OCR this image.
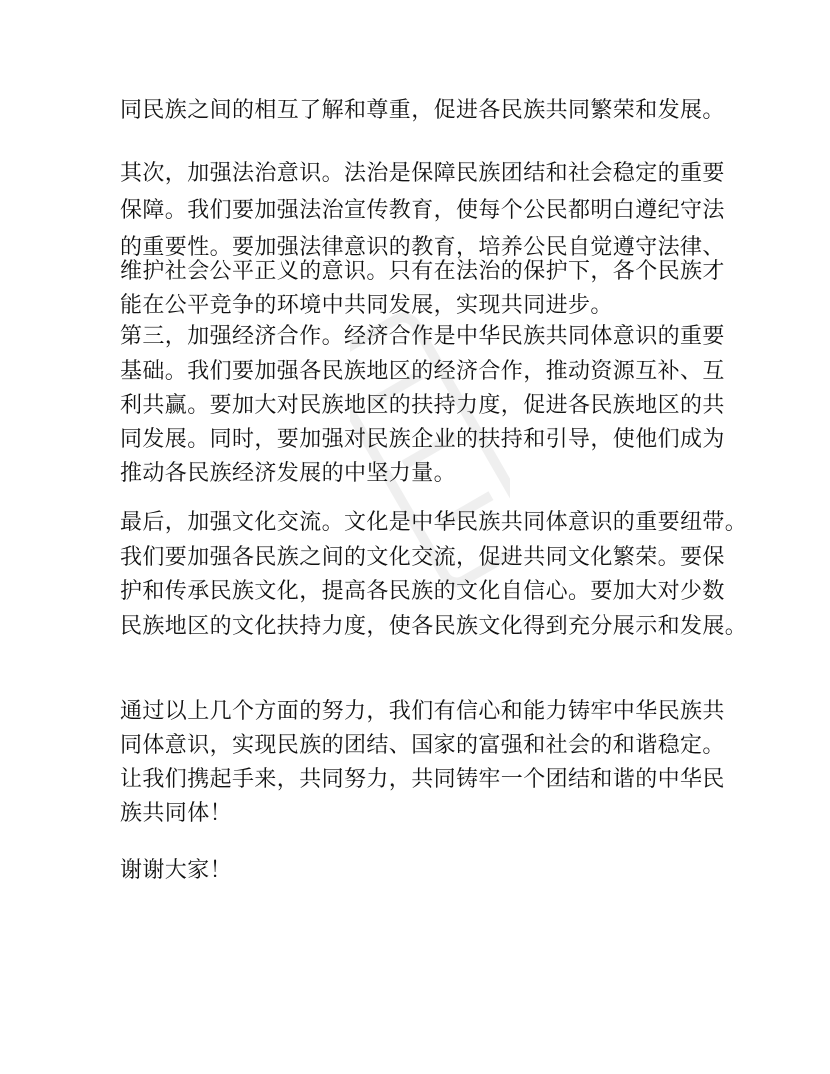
同民族之间的相互了解和尊重，促进各民族共同繁荣和发展。
其次，加强法治意识。法治是保障民族团结和社会稳定的重要
保障。我们要加强法治宣传教育，使每个公民都明白遵纪守法
的重要性。要加强法律意识的教育，培养公民自觉遵守法律、
维护社会公平正义的意识。只有在法治的保护下，各个民族才
能在公平竞争的环境中共同发展，实现共同进步。
第三，加强经济合作。经济合作是中华民族共同体意识的重要
基础。我们要加强各民族地区的经济合作，推动资源互补、互
利共赢。要加大对民族地区的扶持力度，促进各民族地区的共
同发展。同时，要加强对民族企业的扶持和引导，使他们成为
推动各民族经济发展的中坚力量。
最后，加强文化交流。文化是中华民族共同体意识的重要纽带。
我们要加强各民族之间的文化交流，促进共同文化繁荣。要保
护和传承民族文化，提高各民族的文化自信心。要加大对少数
民族地区的文化扶持力度，使各民族文化得到充分展示和发展。
通过以上几个方面的努力，我们有信心和能力铸牢中华民族共
同体意识，实现民族的团结、国家的富强和社会的和谐稳定。
让我们携起手来，共同努力，共同铸牢一个团结和谐的中华民
族共同体！
谢谢大家！
